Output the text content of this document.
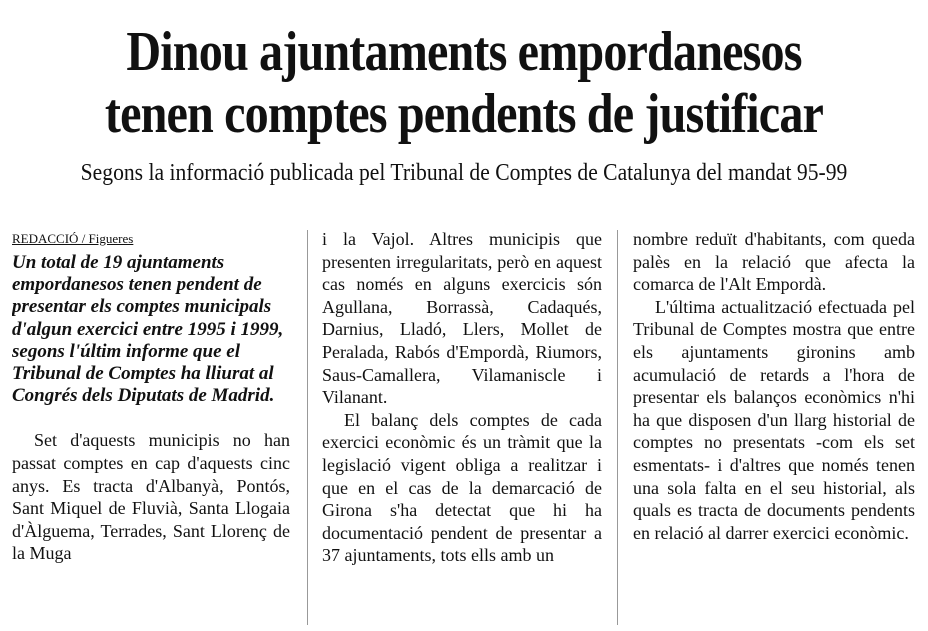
Dinou ajuntaments empordanesos
tenen comptes pendents de justificar

Segons la informació publicada pel Tribunal de Comptes de Catalunya del mandat 95-99

REDACCIÓ / Figueres

Un total de 19 ajuntaments empordanesos tenen pendent de presentar els comptes municipals d'algun exercici entre 1995 i 1999, segons l'últim informe que el Tribunal de Comptes ha lliurat al Congrés dels Diputats de Madrid.

Set d'aquests municipis no han passat comptes en cap d'aquests cinc anys. Es tracta d'Albanyà, Pontós, Sant Miquel de Fluvià, Santa Llogaia d'Àlguema, Terrades, Sant Llorenç de la Muga

i la Vajol. Altres municipis que presenten irregularitats, però en aquest cas només en alguns exercicis són Agullana, Borrassà, Cadaqués, Darnius, Lladó, Llers, Mollet de Peralada, Rabós d'Empordà, Riumors, Saus-Camallera, Vilamaniscle i Vilanant.

El balanç dels comptes de cada exercici econòmic és un tràmit que la legislació vigent obliga a realitzar i que en el cas de la demarcació de Girona s'ha detectat que hi ha documentació pendent de presentar a 37 ajuntaments, tots ells amb un

nombre reduït d'habitants, com queda palès en la relació que afecta la comarca de l'Alt Empordà.

L'última actualització efectuada pel Tribunal de Comptes mostra que entre els ajuntaments gironins amb acumulació de retards a l'hora de presentar els balanços econòmics n'hi ha que disposen d'un llarg historial de comptes no presentats -com els set esmentats- i d'altres que només tenen una sola falta en el seu historial, als quals es tracta de documents pendents en relació al darrer exercici econòmic.
